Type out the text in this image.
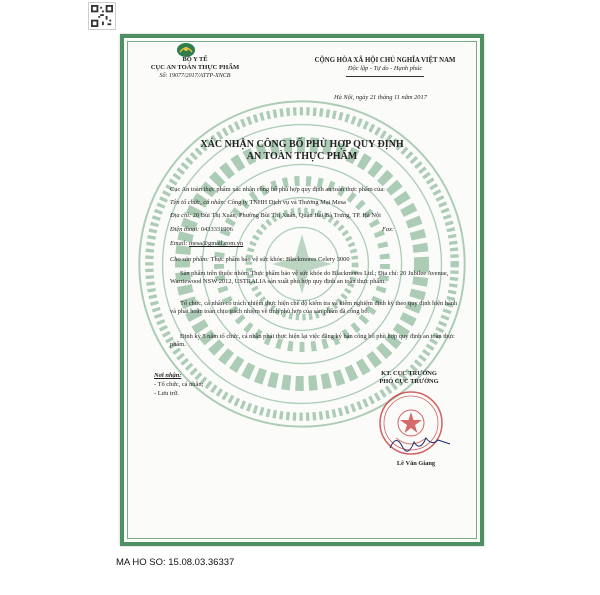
BỘ Y TẾ
CỤC AN TOÀN THỰC PHẨM
Số: 19077/2017/ATTP-XNCB
CỘNG HÒA XÃ HỘI CHỦ NGHĨA VIỆT NAM
Độc lập - Tự do - Hạnh phúc
Hà Nội, ngày 21 tháng 11 năm 2017
XÁC NHẬN CÔNG BỐ PHÙ HỢP QUY ĐỊNH
AN TOÀN THỰC PHẨM
Cục An toàn thực phẩm xác nhận công bố phù hợp quy định an toàn thực phẩm của:
Tên tổ chức, cá nhân: Công ty TNHH Dịch vụ và Thương Mại Mesa
Địa chỉ: 20 Bùi Thị Xuân, Phường Bùi Thị Xuân, Quận Hai Bà Trưng, TP. Hà Nội
Điện thoại: 0433331906	Fax:
Email: mesa@gmail.com.vn
Cho sản phẩm: Thực phẩm bảo vệ sức khỏe: Blackmores Celery 3000
Sản phẩm trên thuộc nhóm Thực phẩm bảo vệ sức khỏe do Blackmores Ltd.; Địa chỉ: 20 Jubilee Avenue, Warriewood NSW 2012, USTRALIA sản xuất phù hợp quy định an toàn thực phẩm.
Tổ chức, cá nhân có trách nhiệm thực hiện chế độ kiểm tra và kiểm nghiệm định kỳ theo quy định hiện hành và phải hoàn toàn chịu trách nhiệm về tính phù hợp của sản phẩm đã công bố.
Định kỳ 5 năm tổ chức, cá nhân phải thực hiện lại việc đăng ký bản công bố phù hợp quy định an toàn thực phẩm.
Nơi nhận:
- Tổ chức, cá nhân;
- Lưu trữ.
KT. CỤC TRƯỞNG
PHÓ CỤC TRƯỞNG
Lê Văn Giang
MA HO SO: 15.08.03.36337
